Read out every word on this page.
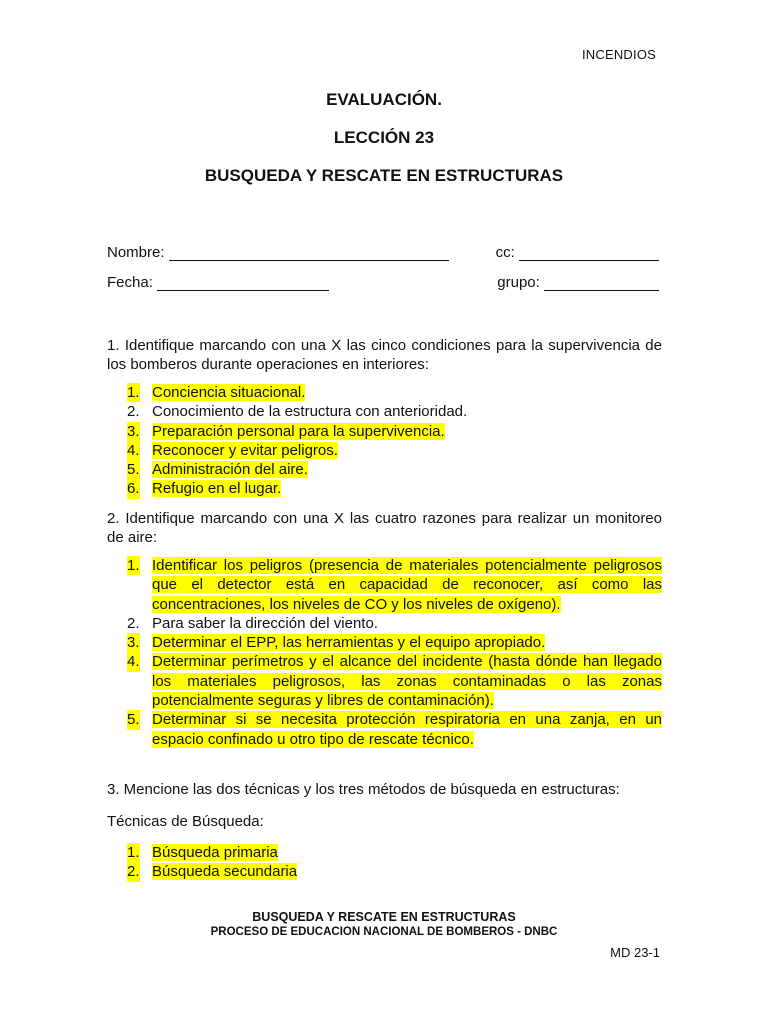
INCENDIOS
EVALUACIÓN.
LECCIÓN 23
BUSQUEDA Y RESCATE EN ESTRUCTURAS
Nombre:	cc:
Fecha:	grupo:
1. Identifique marcando con una X las cinco condiciones para la supervivencia de los bomberos durante operaciones en interiores:
1. Conciencia situacional.
2. Conocimiento de la estructura con anterioridad.
3. Preparación personal para la supervivencia.
4. Reconocer y evitar peligros.
5. Administración del aire.
6. Refugio en el lugar.
2. Identifique marcando con una X las cuatro razones para realizar un monitoreo de aire:
1. Identificar los peligros (presencia de materiales potencialmente peligrosos que el detector está en capacidad de reconocer, así como las concentraciones, los niveles de CO y los niveles de oxígeno).
2. Para saber la dirección del viento.
3. Determinar el EPP, las herramientas y el equipo apropiado.
4. Determinar perímetros y el alcance del incidente (hasta dónde han llegado los materiales peligrosos, las zonas contaminadas o las zonas potencialmente seguras y libres de contaminación).
5. Determinar si se necesita protección respiratoria en una zanja, en un espacio confinado u otro tipo de rescate técnico.
3. Mencione las dos técnicas y los tres métodos de búsqueda en estructuras:
Técnicas de Búsqueda:
1. Búsqueda primaria
2. Búsqueda secundaria
BUSQUEDA Y RESCATE EN ESTRUCTURAS
PROCESO DE EDUCACION NACIONAL DE BOMBEROS - DNBC
MD 23-1
